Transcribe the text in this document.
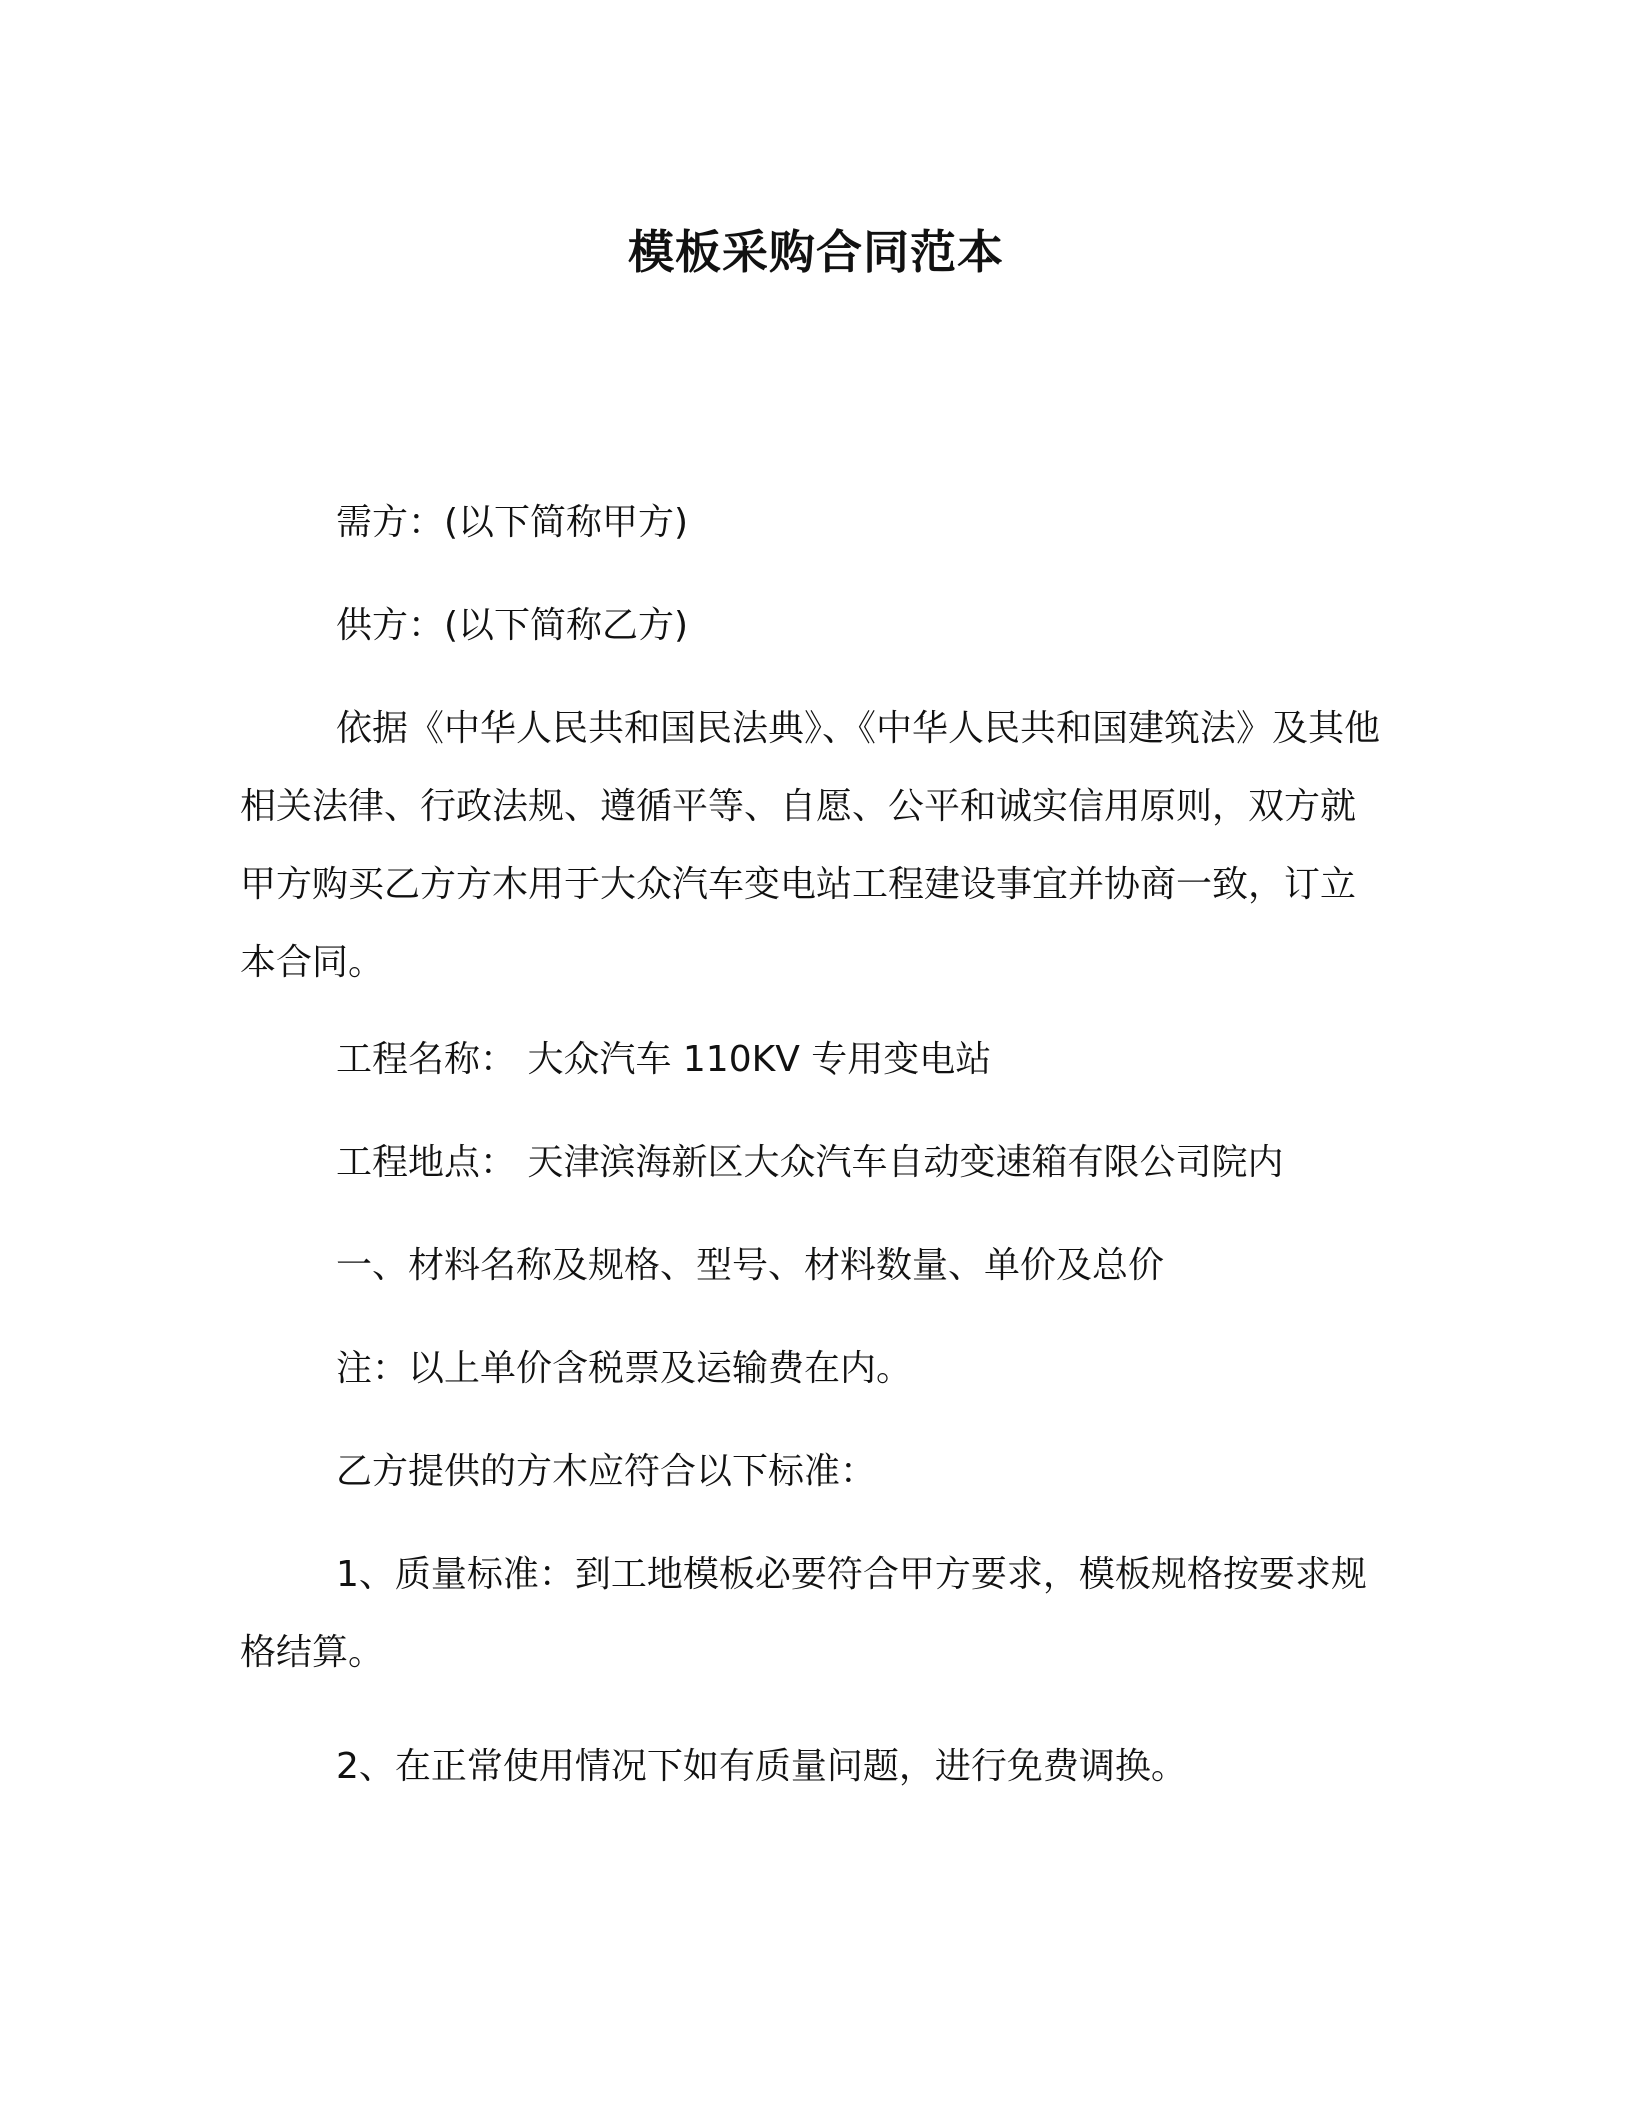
模板采购合同范本

需方：(以下简称甲方)

供方：(以下简称乙方)

依据《中华人民共和国民法典》、《中华人民共和国建筑法》及其他相关法律、行政法规、遵循平等、自愿、公平和诚实信用原则，双方就甲方购买乙方方木用于大众汽车变电站工程建设事宜并协商一致，订立本合同。

工程名称： 大众汽车 110KV 专用变电站

工程地点： 天津滨海新区大众汽车自动变速箱有限公司院内

一、材料名称及规格、型号、材料数量、单价及总价

注：以上单价含税票及运输费在内。

乙方提供的方木应符合以下标准：

1、质量标准：到工地模板必要符合甲方要求，模板规格按要求规格结算。

2、在正常使用情况下如有质量问题，进行免费调换。
